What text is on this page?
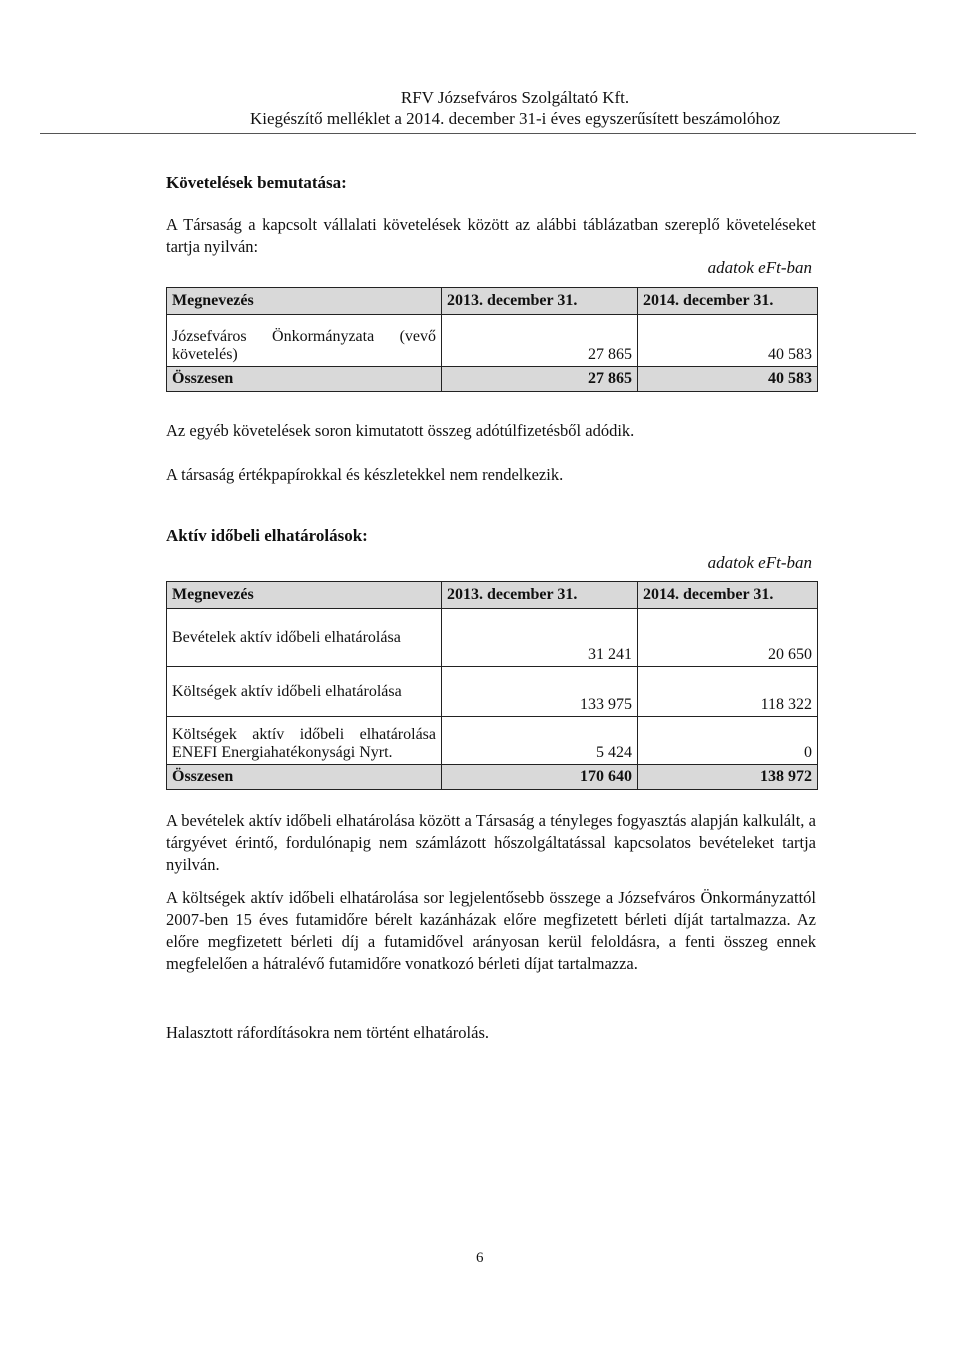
RFV Józsefváros Szolgáltató Kft.
Kiegészítő melléklet a 2014. december 31-i éves egyszerűsített beszámolóhoz
Követelések bemutatása:
A Társaság a kapcsolt vállalati követelések között az alábbi táblázatban szereplő követeléseket tartja nyilván:
adatok eFt-ban
Megnevezés	2013. december 31.	2014. december 31.

Józsefváros Önkormányzata (vevő
követelés)	27 865	40 583
Összesen	27 865	40 583
Az egyéb követelések soron kimutatott összeg adótúlfizetésből adódik.
A társaság értékpapírokkal és készletekkel nem rendelkezik.
Aktív időbeli elhatárolások:
adatok eFt-ban
Megnevezés	2013. december 31.	2014. december 31.
Bevételek aktív időbeli elhatárolása	31 241	20 650
Költségek aktív időbeli elhatárolása	133 975	118 322

Költségek aktív időbeli elhatárolása
ENEFI Energiahatékonysági Nyrt.	5 424	0
Összesen	170 640	138 972
A bevételek aktív időbeli elhatárolása között a Társaság a tényleges fogyasztás alapján kalkulált, a tárgyévet érintő, fordulónapig nem számlázott hőszolgáltatással kapcsolatos bevételeket tartja nyilván.
A költségek aktív időbeli elhatárolása sor legjelentősebb összege a Józsefváros Önkormányzattól 2007-ben 15 éves futamidőre bérelt kazánházak előre megfizetett bérleti díját tartalmazza. Az előre megfizetett bérleti díj a futamidővel arányosan kerül feloldásra, a fenti összeg ennek megfelelően a hátralévő futamidőre vonatkozó bérleti díjat tartalmazza.
Halasztott ráfordításokra nem történt elhatárolás.
6
